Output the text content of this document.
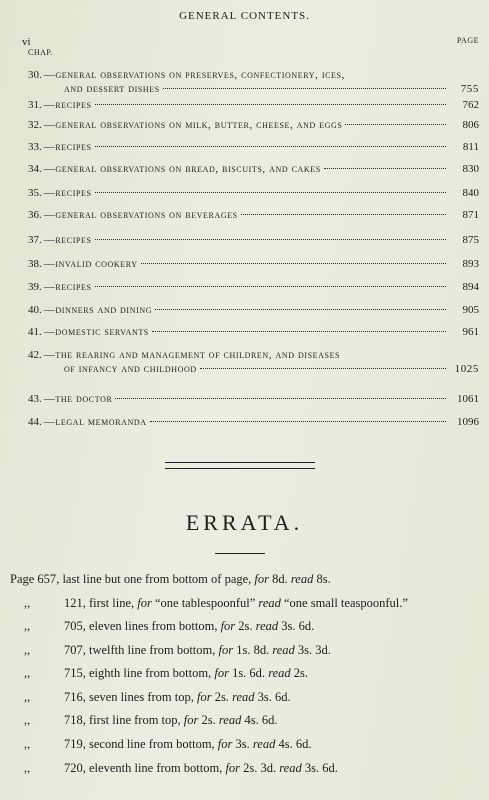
GENERAL CONTENTS.
vi
CHAP.
PAGE
30. —general observations on preserves, confectionery, ices,
and dessert dishes	755
31. —recipes	762
32. —general observations on milk, butter, cheese, and eggs	806
33. —recipes	811
34. —general observations on bread, biscuits, and cakes	830
35. —recipes	840
36. —general observations on beverages	871
37. —recipes	875
38. —invalid cookery	893
39. —recipes	894
40. —dinners and dining	905
41. —domestic servants	961
42. —the rearing and management of children, and diseases
of infancy and childhood	1025
43. —the doctor	1061
44. —legal memoranda	1096
ERRATA.
Page 657, last line but one from bottom of page, for 8d. read 8s.
,,	121, first line, for “one tablespoonful” read “one small teaspoonful.”
,,	705, eleven lines from bottom, for 2s. read 3s. 6d.
,,	707, twelfth line from bottom, for 1s. 8d. read 3s. 3d.
,,	715, eighth line from bottom, for 1s. 6d. read 2s.
,,	716, seven lines from top, for 2s. read 3s. 6d.
,,	718, first line from top, for 2s. read 4s. 6d.
,,	719, second line from bottom, for 3s. read 4s. 6d.
,,	720, eleventh line from bottom, for 2s. 3d. read 3s. 6d.
